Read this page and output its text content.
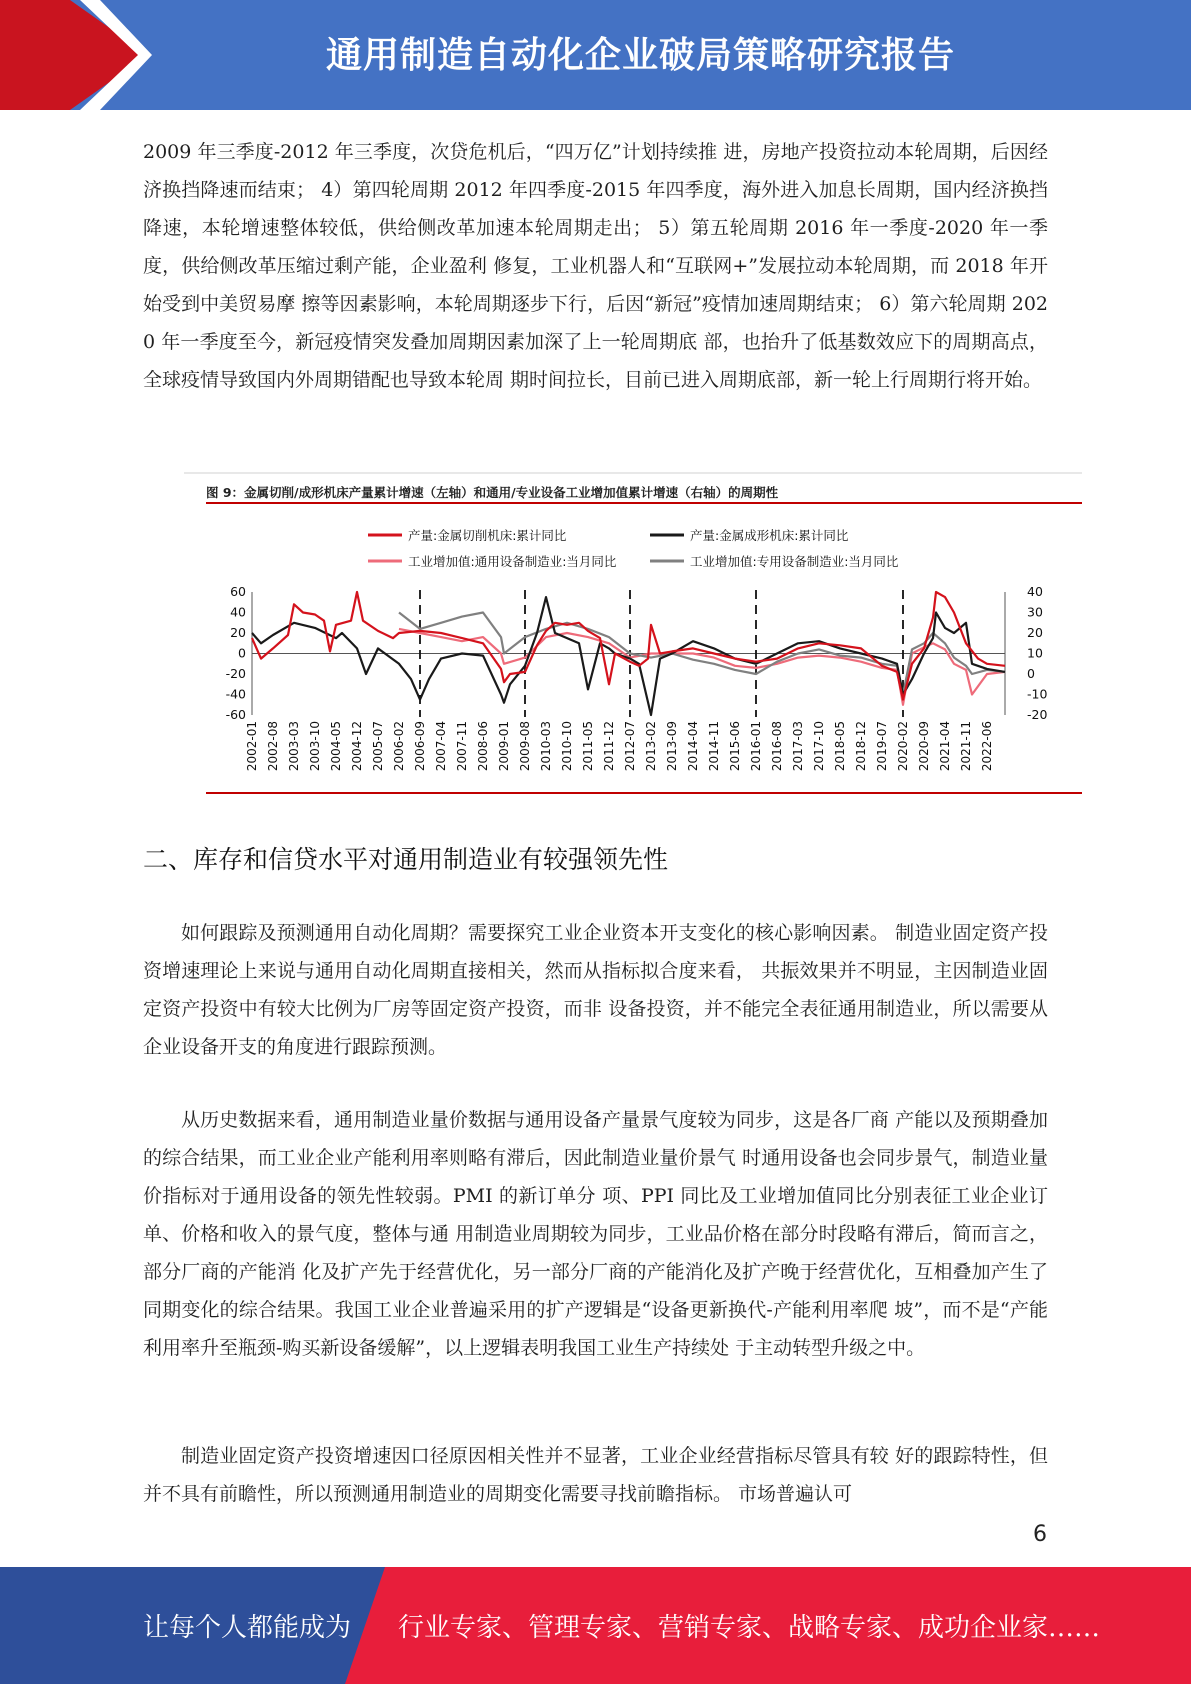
通用制造自动化企业破局策略研究报告

2009 年三季度-2012 年三季度，次贷危机后，“四万亿”计划持续推 进，房地产投资拉动本轮周期，后因经济换挡降速而结束； 4）第四轮周期 2012 年四季度-2015 年四季度，海外进入加息长周期，国内经济换挡 降速，本轮增速整体较低，供给侧改革加速本轮周期走出； 5）第五轮周期 2016 年一季度-2020 年一季度，供给侧改革压缩过剩产能，企业盈利 修复，工业机器人和“互联网+”发展拉动本轮周期，而 2018 年开始受到中美贸易摩 擦等因素影响，本轮周期逐步下行，后因“新冠”疫情加速周期结束； 6）第六轮周期 2020 年一季度至今，新冠疫情突发叠加周期因素加深了上一轮周期底 部，也抬升了低基数效应下的周期高点，全球疫情导致国内外周期错配也导致本轮周 期时间拉长，目前已进入周期底部，新一轮上行周期行将开始。

图 9：金属切削/成形机床产量累计增速（左轴）和通用/专业设备工业增加值累计增速（右轴）的周期性
产量:金属切削机床:累计同比	产量:金属成形机床:累计同比
工业增加值:通用设备制造业:当月同比	工业增加值:专用设备制造业:当月同比
60
40
20
0
-20
-40
-60
40
30
20
10
0
-10
-20
2002-01 2002-08 2003-03 2003-10 2004-05 2004-12 2005-07 2006-02 2006-09 2007-04 2007-11 2008-06 2009-01 2009-08 2010-03 2010-10 2011-05 2011-12 2012-07 2013-02 2013-09 2014-04 2014-11 2015-06 2016-01 2016-08 2017-03 2017-10 2018-05 2018-12 2019-07 2020-02 2020-09 2021-04 2021-11 2022-06
二、库存和信贷水平对通用制造业有较强领先性

如何跟踪及预测通用自动化周期？需要探究工业企业资本开支变化的核心影响因素。 制造业固定资产投资增速理论上来说与通用自动化周期直接相关，然而从指标拟合度来看， 共振效果并不明显，主因制造业固定资产投资中有较大比例为厂房等固定资产投资，而非 设备投资，并不能完全表征通用制造业，所以需要从企业设备开支的角度进行跟踪预测。

从历史数据来看，通用制造业量价数据与通用设备产量景气度较为同步，这是各厂商 产能以及预期叠加的综合结果，而工业企业产能利用率则略有滞后，因此制造业量价景气 时通用设备也会同步景气，制造业量价指标对于通用设备的领先性较弱。PMI 的新订单分 项、PPI 同比及工业增加值同比分别表征工业企业订单、价格和收入的景气度，整体与通 用制造业周期较为同步，工业品价格在部分时段略有滞后，简而言之，部分厂商的产能消 化及扩产先于经营优化，另一部分厂商的产能消化及扩产晚于经营优化，互相叠加产生了 同期变化的综合结果。我国工业企业普遍采用的扩产逻辑是“设备更新换代-产能利用率爬 坡”，而不是“产能利用率升至瓶颈-购买新设备缓解”，以上逻辑表明我国工业生产持续处 于主动转型升级之中。

制造业固定资产投资增速因口径原因相关性并不显著，工业企业经营指标尽管具有较 好的跟踪特性，但并不具有前瞻性，所以预测通用制造业的周期变化需要寻找前瞻指标。 市场普遍认可

6
让每个人都能成为 行业专家、管理专家、营销专家、战略专家、成功企业家……
